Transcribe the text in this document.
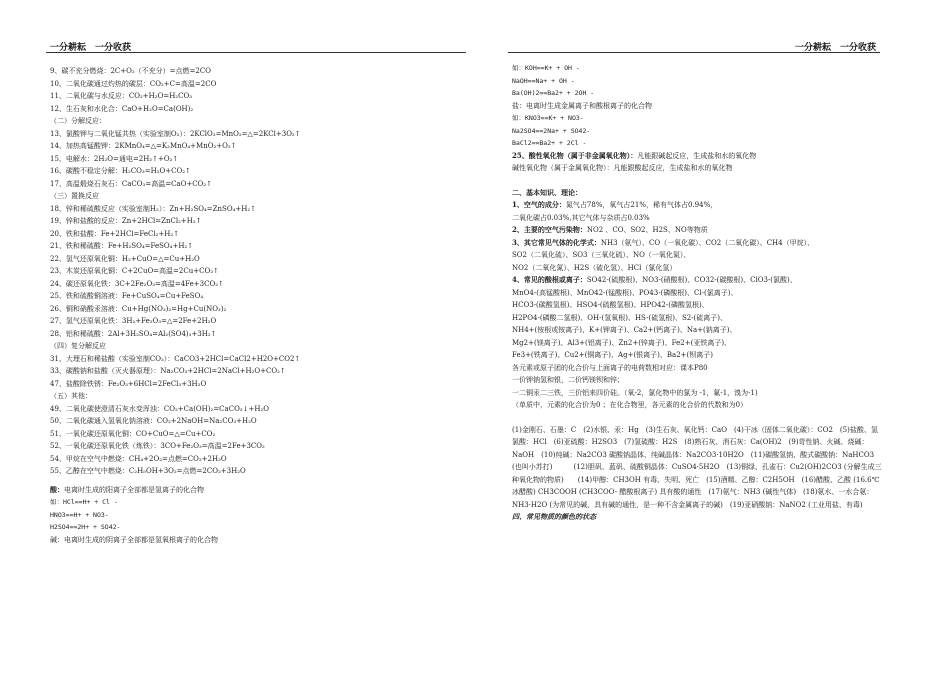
一分耕耘　一分收获	一分耕耘　一分收获
9、碳不充分燃烧：2C+O₂（不充分）=点燃=2CO
10、二氧化碳通过灼热的碳层：CO₂+C=高温=2CO
11、二氧化碳与水反应：CO₂+H₂O=H₂CO₃
12、生石灰和水化合：CaO+H₂O=Ca(OH)₂
（二）分解反应：
13、氯酸钾与二氧化锰共热（实验室制O₂）：2KClO₃=MnO₂=△=2KCl+3O₂↑
14、加热高锰酸钾：2KMnO₄=△=K₂MnO₄+MnO₂+O₂↑
15、电解水：2H₂O=通电=2H₂↑+O₂↑
16、碳酸不稳定分解：H₂CO₃=H₂O+CO₂↑
17、高温煅烧石灰石：CaCO₃=高温=CaO+CO₂↑
（三）置换反应
18、锌和稀硫酸反应（实验室制H₂）：Zn+H₂SO₄=ZnSO₄+H₂↑
19、锌和盐酸的反应：Zn+2HCl=ZnCl₂+H₂↑
20、铁和盐酸：Fe+2HCl=FeCl₂+H₂↑
21、铁和稀硫酸：Fe+H₂SO₄=FeSO₄+H₂↑
22、氢气还原氧化铜：H₂+CuO=△=Cu+H₂O
23、木炭还原氧化铜：C+2CuO=高温=2Cu+CO₂↑
24、碳还原氧化铁：3C+2Fe₂O₃=高温=4Fe+3CO₂↑
25、铁和硫酸铜溶液：Fe+CuSO₄=Cu+FeSO₄
26、铜和硝酸汞溶液：Cu+Hg(NO₃)₂=Hg+Cu(NO₃)₂
27、氢气还原氧化铁：3H₂+Fe₂O₃=△=2Fe+2H₂O
28、铝和稀硫酸：2Al+3H₂SO₄=Al₂(SO4)₃+3H₂↑
（四）复分解反应
31、大理石和稀盐酸（实验室制CO₂）：CaCO3+2HCl=CaCl2+H2O+CO2↑
33、碳酸钠和盐酸（灭火器原理）：Na₂CO₃+2HCl=2NaCl+H₂O+CO₂↑
47、盐酸除铁锈：Fe₂O₃+6HCl=2FeCl₃+3H₂O
（五）其他：
49、二氧化碳使澄清石灰水变浑浊：CO₂+Ca(OH)₂=CaCO₃↓+H₂O
50、二氧化碳通入氢氧化钠溶液：CO₂+2NaOH=Na₂CO₃+H₂O
51、一氧化碳还原氧化铜：CO+CuO=△=Cu+CO₂
52、一氧化碳还原氧化铁（炼铁）：3CO+Fe₂O₃=高温=2Fe+3CO₂
54、甲烷在空气中燃烧：CH₄+2O₂=点燃=CO₂+2H₂O
55、乙醇在空气中燃烧：C₂H₅OH+3O₂=点燃=2CO₂+3H₂O
酸：电离时生成的阳离子全部都是氢离子的化合物
如：HCl==H+ + Cl -
HNO3==H+ + NO3-
H2SO4==2H+ + SO42-
碱：电离时生成的阴离子全部都是氢氧根离子的化合物
如：KOH==K+ + OH -
NaOH==Na+ + OH -
Ba(OH)2==Ba2+ + 2OH -
盐：电离时生成金属离子和酸根离子的化合物
如：KNO3==K+ + NO3-
Na2SO4==2Na+ + SO42-
BaCl2==Ba2+ + 2Cl -
25、酸性氧化物（属于非金属氧化物）：凡能跟碱起反应，生成盐和水的氧化物
碱性氧化物（属于金属氧化物）：凡能跟酸起反应，生成盐和水的氧化物
二、基本知识、理论：
1、空气的成分：氮气占78%，氧气占21%，稀有气体占0.94%，
二氧化碳占0.03%,其它气体与杂质占0.03%
2、主要的空气污染物：NO2 、CO、SO2、H2S、NO等物质
3、其它常见气体的化学式：NH3（氨气）、CO（一氧化碳）、CO2（二氧化碳）、CH4（甲烷）、
SO2（二氧化硫）、SO3（三氧化硫）、NO（一氧化氮）、
NO2（二氧化氮）、H2S（硫化氢）、HCl（氯化氢）
4、常见的酸根或离子：SO42-(硫酸根)、NO3-(硝酸根)、CO32-(碳酸根)、ClO3-(氯酸)、
MnO4-(高锰酸根)、MnO42-(锰酸根)、PO43-(磷酸根)、Cl-(氯离子)、
HCO3-(碳酸氢根)、HSO4-(硫酸氢根)、HPO42-(磷酸氢根)、
H2PO4-(磷酸二氢根)、OH-(氢氧根)、HS-(硫氢根)、S2-(硫离子)、
NH4+(铵根或铵离子)、K+(钾离子)、Ca2+(钙离子)、Na+(钠离子)、
Mg2+(镁离子)、Al3+(铝离子)、Zn2+(锌离子)、Fe2+(亚铁离子)、
Fe3+(铁离子)、Cu2+(铜离子)、Ag+(银离子)、Ba2+(钡离子)
各元素或原子团的化合价与上面离子的电荷数相对应：课本P80
一价钾钠氢和银，二价钙镁钡和锌；
一二铜汞二三铁，三价铝来四价硅。（氧-2，氯化物中的氯为 -1，氟-1，溴为-1)
（单质中，元素的化合价为0 ；在化合物里，各元素的化合价的代数和为0）
(1)金刚石、石墨：C　(2)水银、汞：Hg　(3)生石灰、氧化钙：CaO　(4)干冰（固体二氧化碳）：CO2　(5)盐酸、氢氯酸：HCl　(6)亚硫酸：H2SO3　(7)氢硫酸：H2S　(8)熟石灰、消石灰：Ca(OH)2　(9)苛性钠、火碱、烧碱：NaOH　(10)纯碱：Na2CO3 碳酸钠晶体、纯碱晶体：Na2CO3·10H2O　(11)碳酸氢钠、酸式碳酸钠：NaHCO3 (也叫小苏打)　　　(12)胆矾、蓝矾、硫酸铜晶体：CuSO4·5H2O　(13)铜绿、孔雀石：Cu2(OH)2CO3 (分解生成三种氧化物的物质)　　(14)甲醇：CH3OH 有毒、失明、死亡　(15)酒精、乙醇：C2H5OH　(16)醋酸、乙酸 (16.6℃冰醋酸) CH3COOH (CH3COO- 醋酸根离子) 具有酸的通性　(17)氨气：NH3 (碱性气体)　(18)氨水、一水合氨：NH3·H2O (为常见的碱，具有碱的通性，是一种不含金属离子的碱)　(19)亚硝酸钠：NaNO2 (工业用盐、有毒)
四、常见物质的颜色的状态
